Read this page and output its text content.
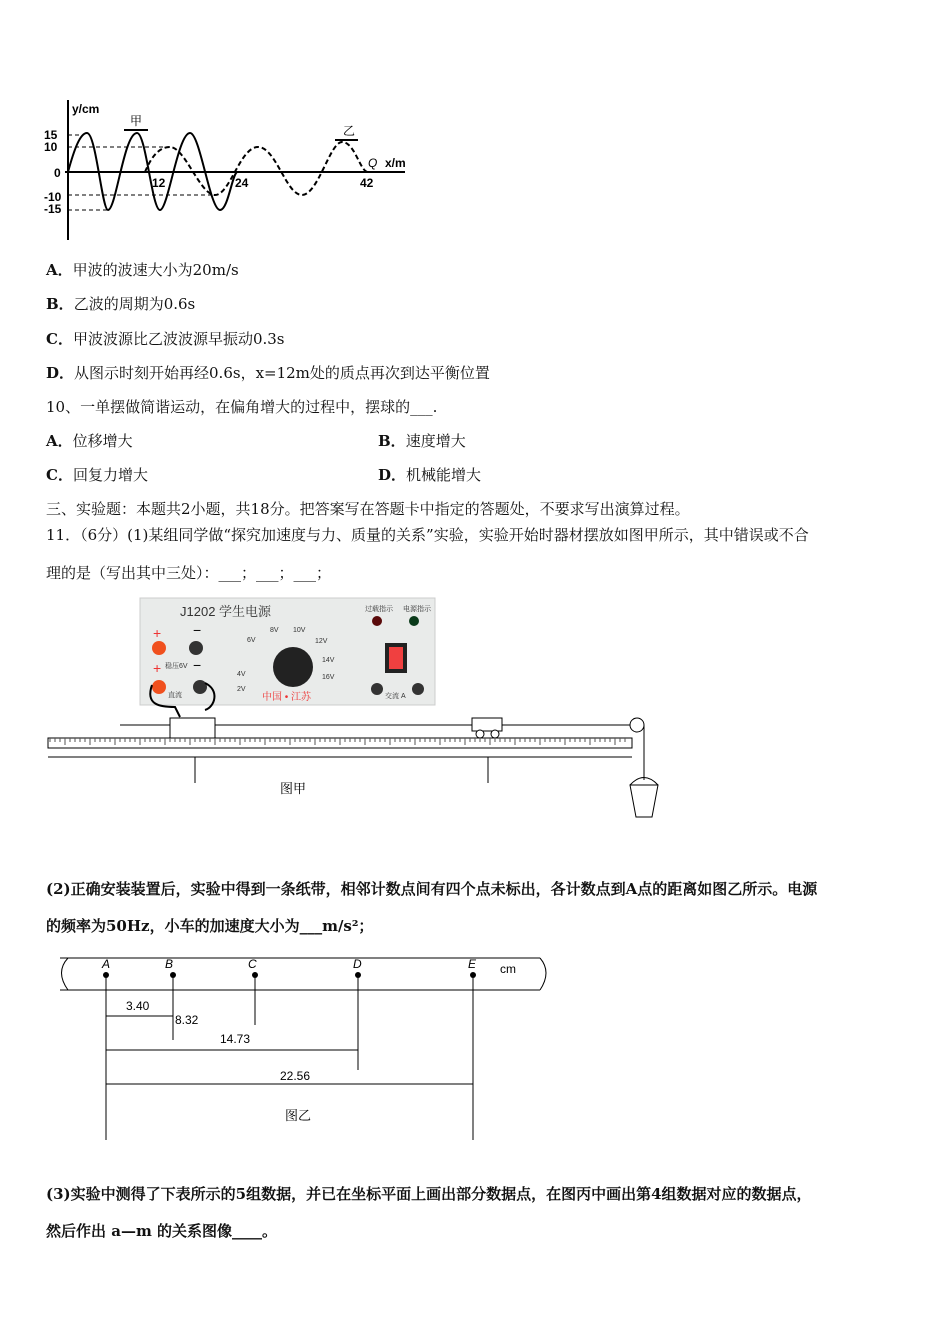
y/cm
x/m
15
10
0
-10
-15
12	24	42
甲
乙
Q
A．甲波的波速大小为20m/s
B．乙波的周期为0.6s
C．甲波波源比乙波波源早振动0.3s
D．从图示时刻开始再经0.6s，x=12m处的质点再次到达平衡位置
10、一单摆做简谐运动，在偏角增大的过程中，摆球的___.
A．位移增大	B．速度增大
C．回复力增大	D．机械能增大
三、实验题：本题共2小题，共18分。把答案写在答题卡中指定的答题处，不要求写出演算过程。
11．（6分）(1)某组同学做“探究加速度与力、质量的关系”实验，实验开始时器材摆放如图甲所示，其中错误或不合
理的是（写出其中三处）：___；___；___；
J1202 学生电源	过载指示 电源指示
+
+
−
−
稳压6V
直流
2V
4V
6V
8V 10V
12V
14V
16V
中国 • 江苏	交流 A
图甲
(2)正确安装装置后，实验中得到一条纸带，相邻计数点间有四个点未标出，各计数点到A点的距离如图乙所示。电源
的频率为50Hz，小车的加速度大小为___m/s²；
A	B	C	D	E cm
3.40
8.32
14.73
22.56
图乙
(3)实验中测得了下表所示的5组数据，并已在坐标平面上画出部分数据点，在图丙中画出第4组数据对应的数据点，
然后作出 a—m 的关系图像____。
